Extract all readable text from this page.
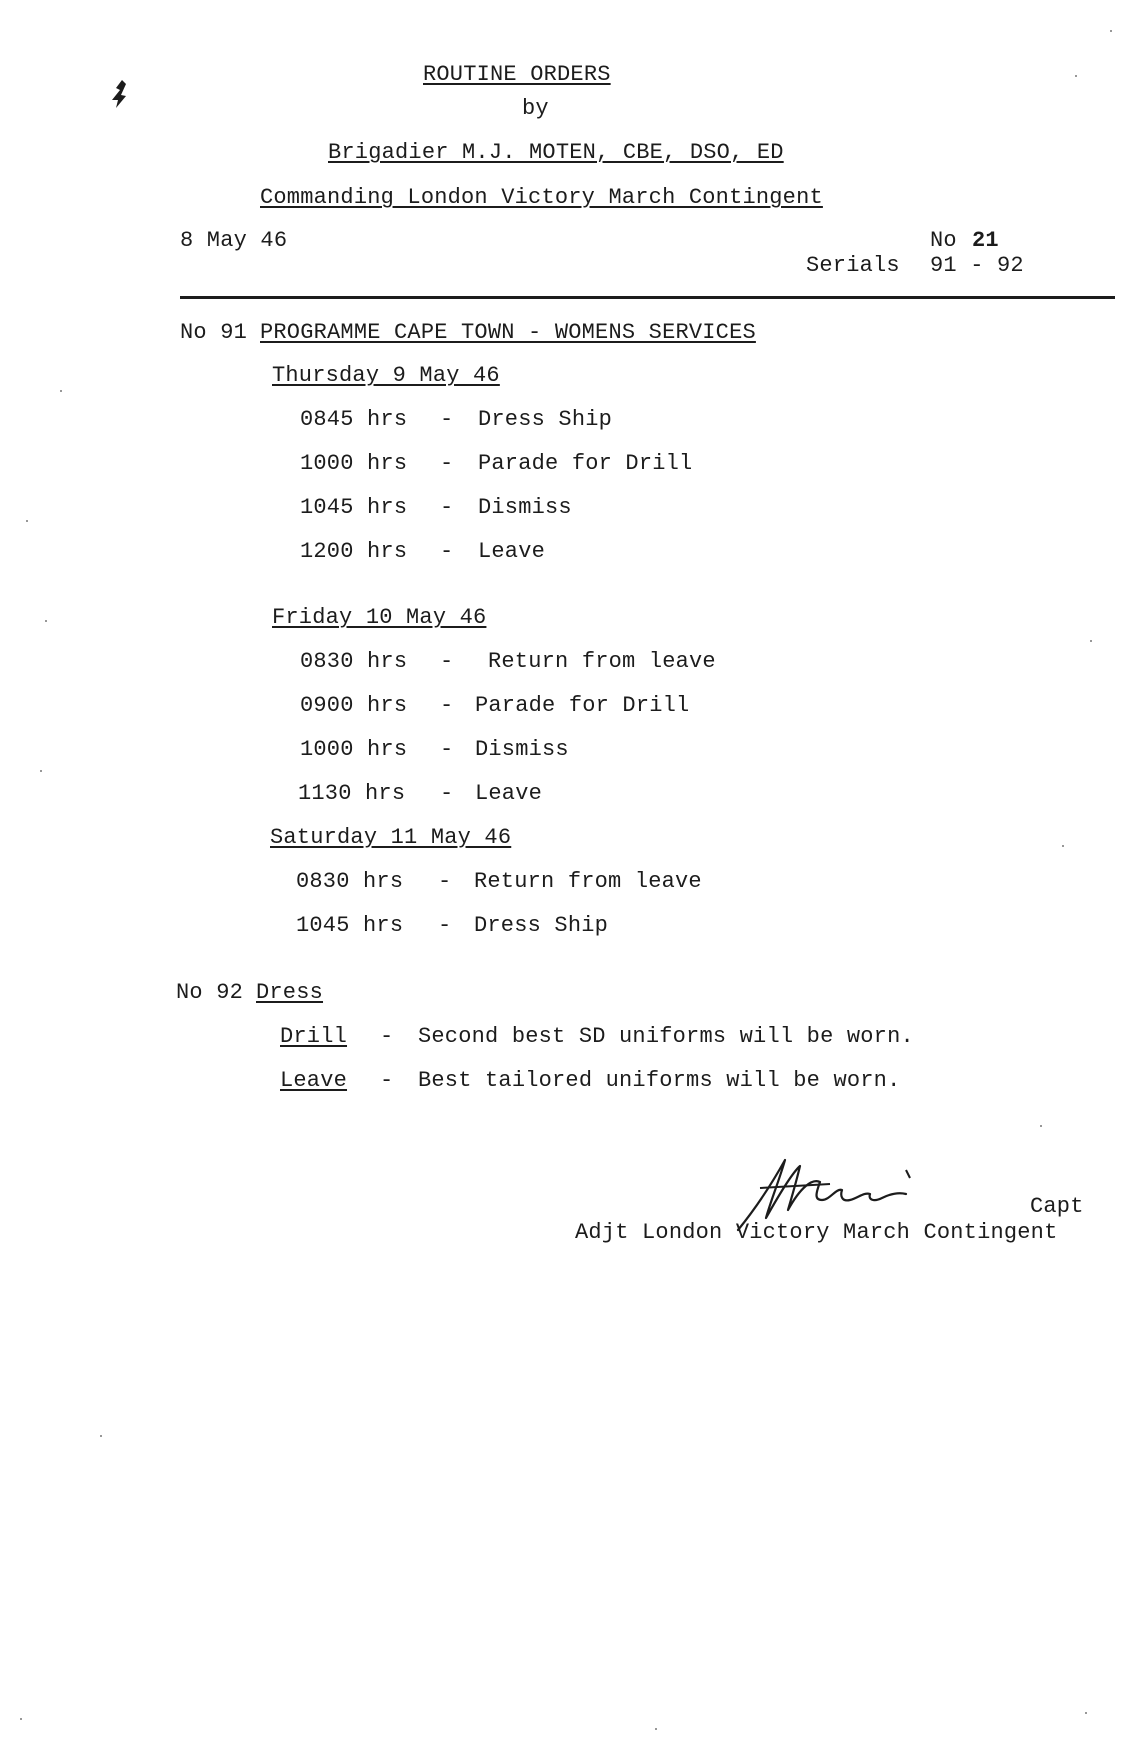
ROUTINE ORDERS
by
Brigadier M.J. MOTEN, CBE, DSO, ED
Commanding London Victory March Contingent
8 May 46	No 21
Serials 91 - 92
No 91 PROGRAMME CAPE TOWN - WOMENS SERVICES
Thursday 9 May 46
0845 hrs - Dress Ship
1000 hrs - Parade for Drill
1045 hrs - Dismiss
1200 hrs - Leave
Friday 10 May 46
0830 hrs - Return from leave
0900 hrs - Parade for Drill
1000 hrs - Dismiss
1130 hrs - Leave
Saturday 11 May 46
0830 hrs - Return from leave
1045 hrs - Dress Ship
No 92 Dress
Drill - Second best SD uniforms will be worn.
Leave - Best tailored uniforms will be worn.
Capt
Adjt London Victory March Contingent
